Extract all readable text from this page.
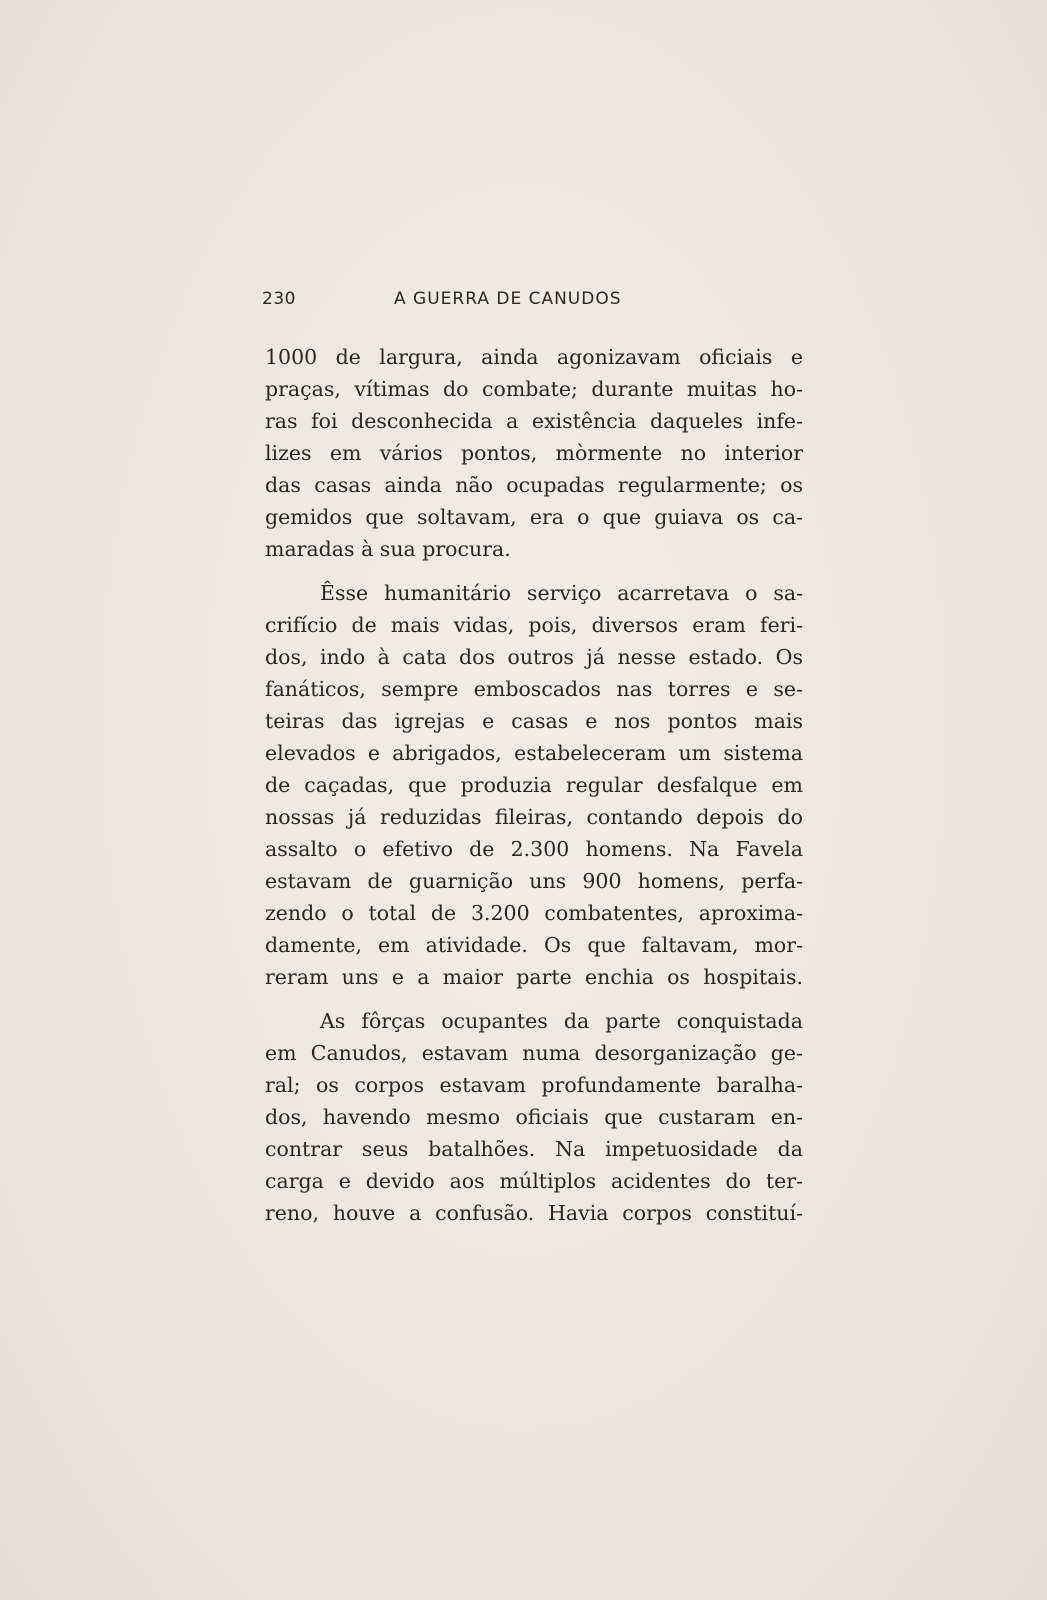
230	A GUERRA DE CANUDOS

1000 de largura, ainda agonizavam oficiais e

praças, vítimas do combate; durante muitas ho-

ras foi desconhecida a existência daqueles infe-

lizes em vários pontos, mòrmente no interior

das casas ainda não ocupadas regularmente; os

gemidos que soltavam, era o que guiava os ca-

maradas à sua procura.

Êsse humanitário serviço acarretava o sa-

crifício de mais vidas, pois, diversos eram feri-

dos, indo à cata dos outros já nesse estado. Os

fanáticos, sempre emboscados nas torres e se-

teiras das igrejas e casas e nos pontos mais

elevados e abrigados, estabeleceram um sistema

de caçadas, que produzia regular desfalque em

nossas já reduzidas fileiras, contando depois do

assalto o efetivo de 2.300 homens. Na Favela

estavam de guarnição uns 900 homens, perfa-

zendo o total de 3.200 combatentes, aproxima-

damente, em atividade. Os que faltavam, mor-

reram uns e a maior parte enchia os hospitais.

As fôrças ocupantes da parte conquistada

em Canudos, estavam numa desorganização ge-

ral; os corpos estavam profundamente baralha-

dos, havendo mesmo oficiais que custaram en-

contrar seus batalhões. Na impetuosidade da

carga e devido aos múltiplos acidentes do ter-

reno, houve a confusão. Havia corpos constituí-
